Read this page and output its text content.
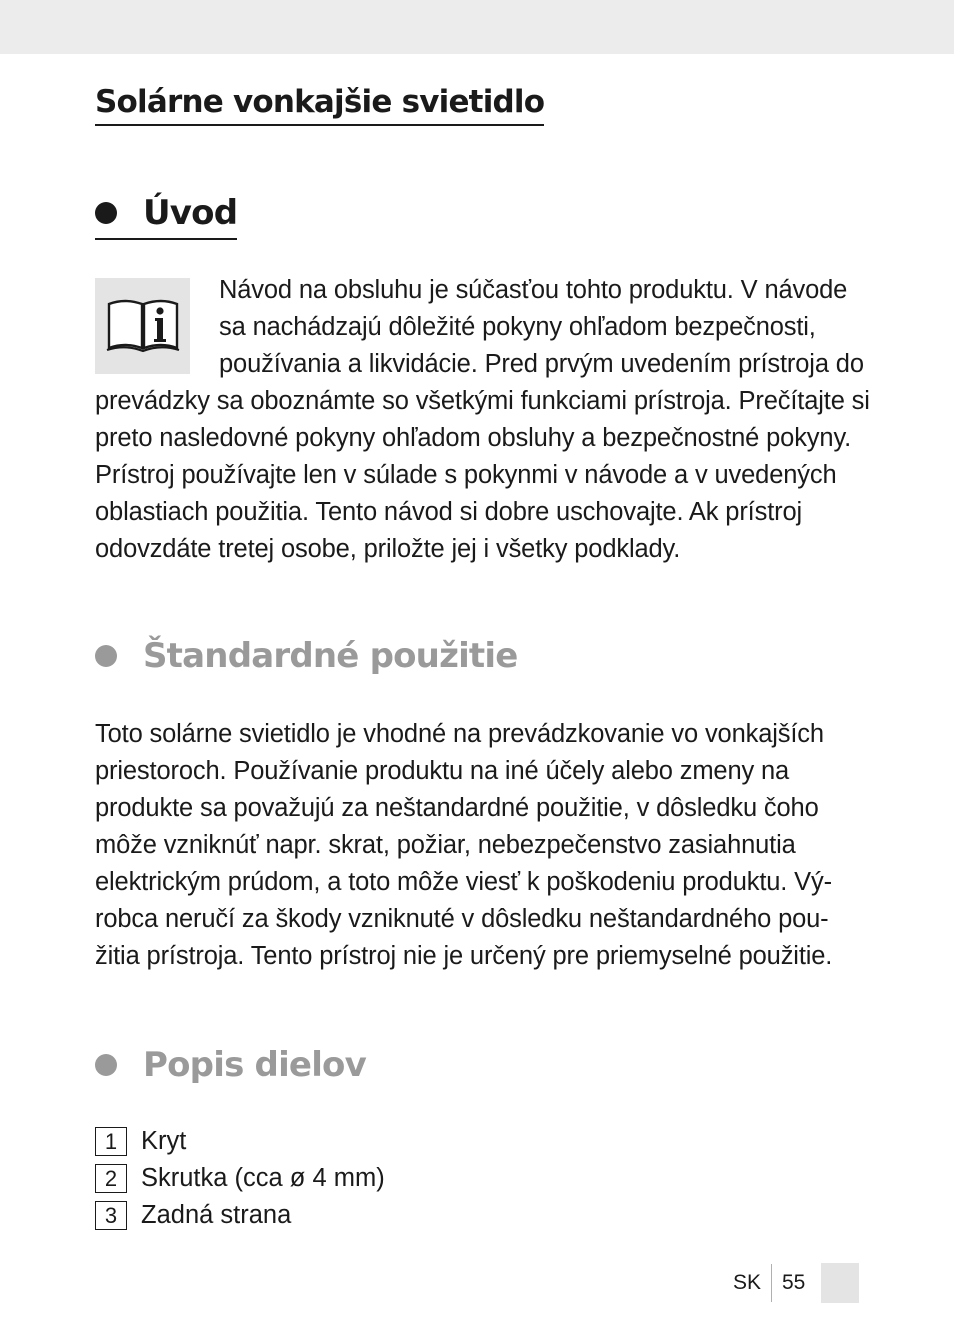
Solárne vonkajšie svietidlo
Úvod
Návod na obsluhu je súčasťou tohto produktu. V návode
sa nachádzajú dôležité pokyny ohľadom bezpečnosti,
používania a likvidácie. Pred prvým uvedením prístroja do
prevádzky sa oboznámte so všetkými funkciami prístroja. Prečítajte si
preto nasledovné pokyny ohľadom obsluhy a bezpečnostné pokyny.
Prístroj používajte len v súlade s pokynmi v návode a v uvedených
oblastiach použitia. Tento návod si dobre uschovajte. Ak prístroj
odovzdáte tretej osobe, priložte jej i všetky podklady.
Štandardné použitie
Toto solárne svietidlo je vhodné na prevádzkovanie vo vonkajších
priestoroch. Používanie produktu na iné účely alebo zmeny na
produkte sa považujú za neštandardné použitie, v dôsledku čoho
môže vzniknúť napr. skrat, požiar, nebezpečenstvo zasiahnutia
elektrickým prúdom, a toto môže viesť k poškodeniu produktu. Vý-
robca neručí za škody vzniknuté v dôsledku neštandardného pou-
žitia prístroja. Tento prístroj nie je určený pre priemyselné použitie.
Popis dielov
1 Kryt
2 Skrutka (cca ø 4 mm)
3 Zadná strana
SK 55
